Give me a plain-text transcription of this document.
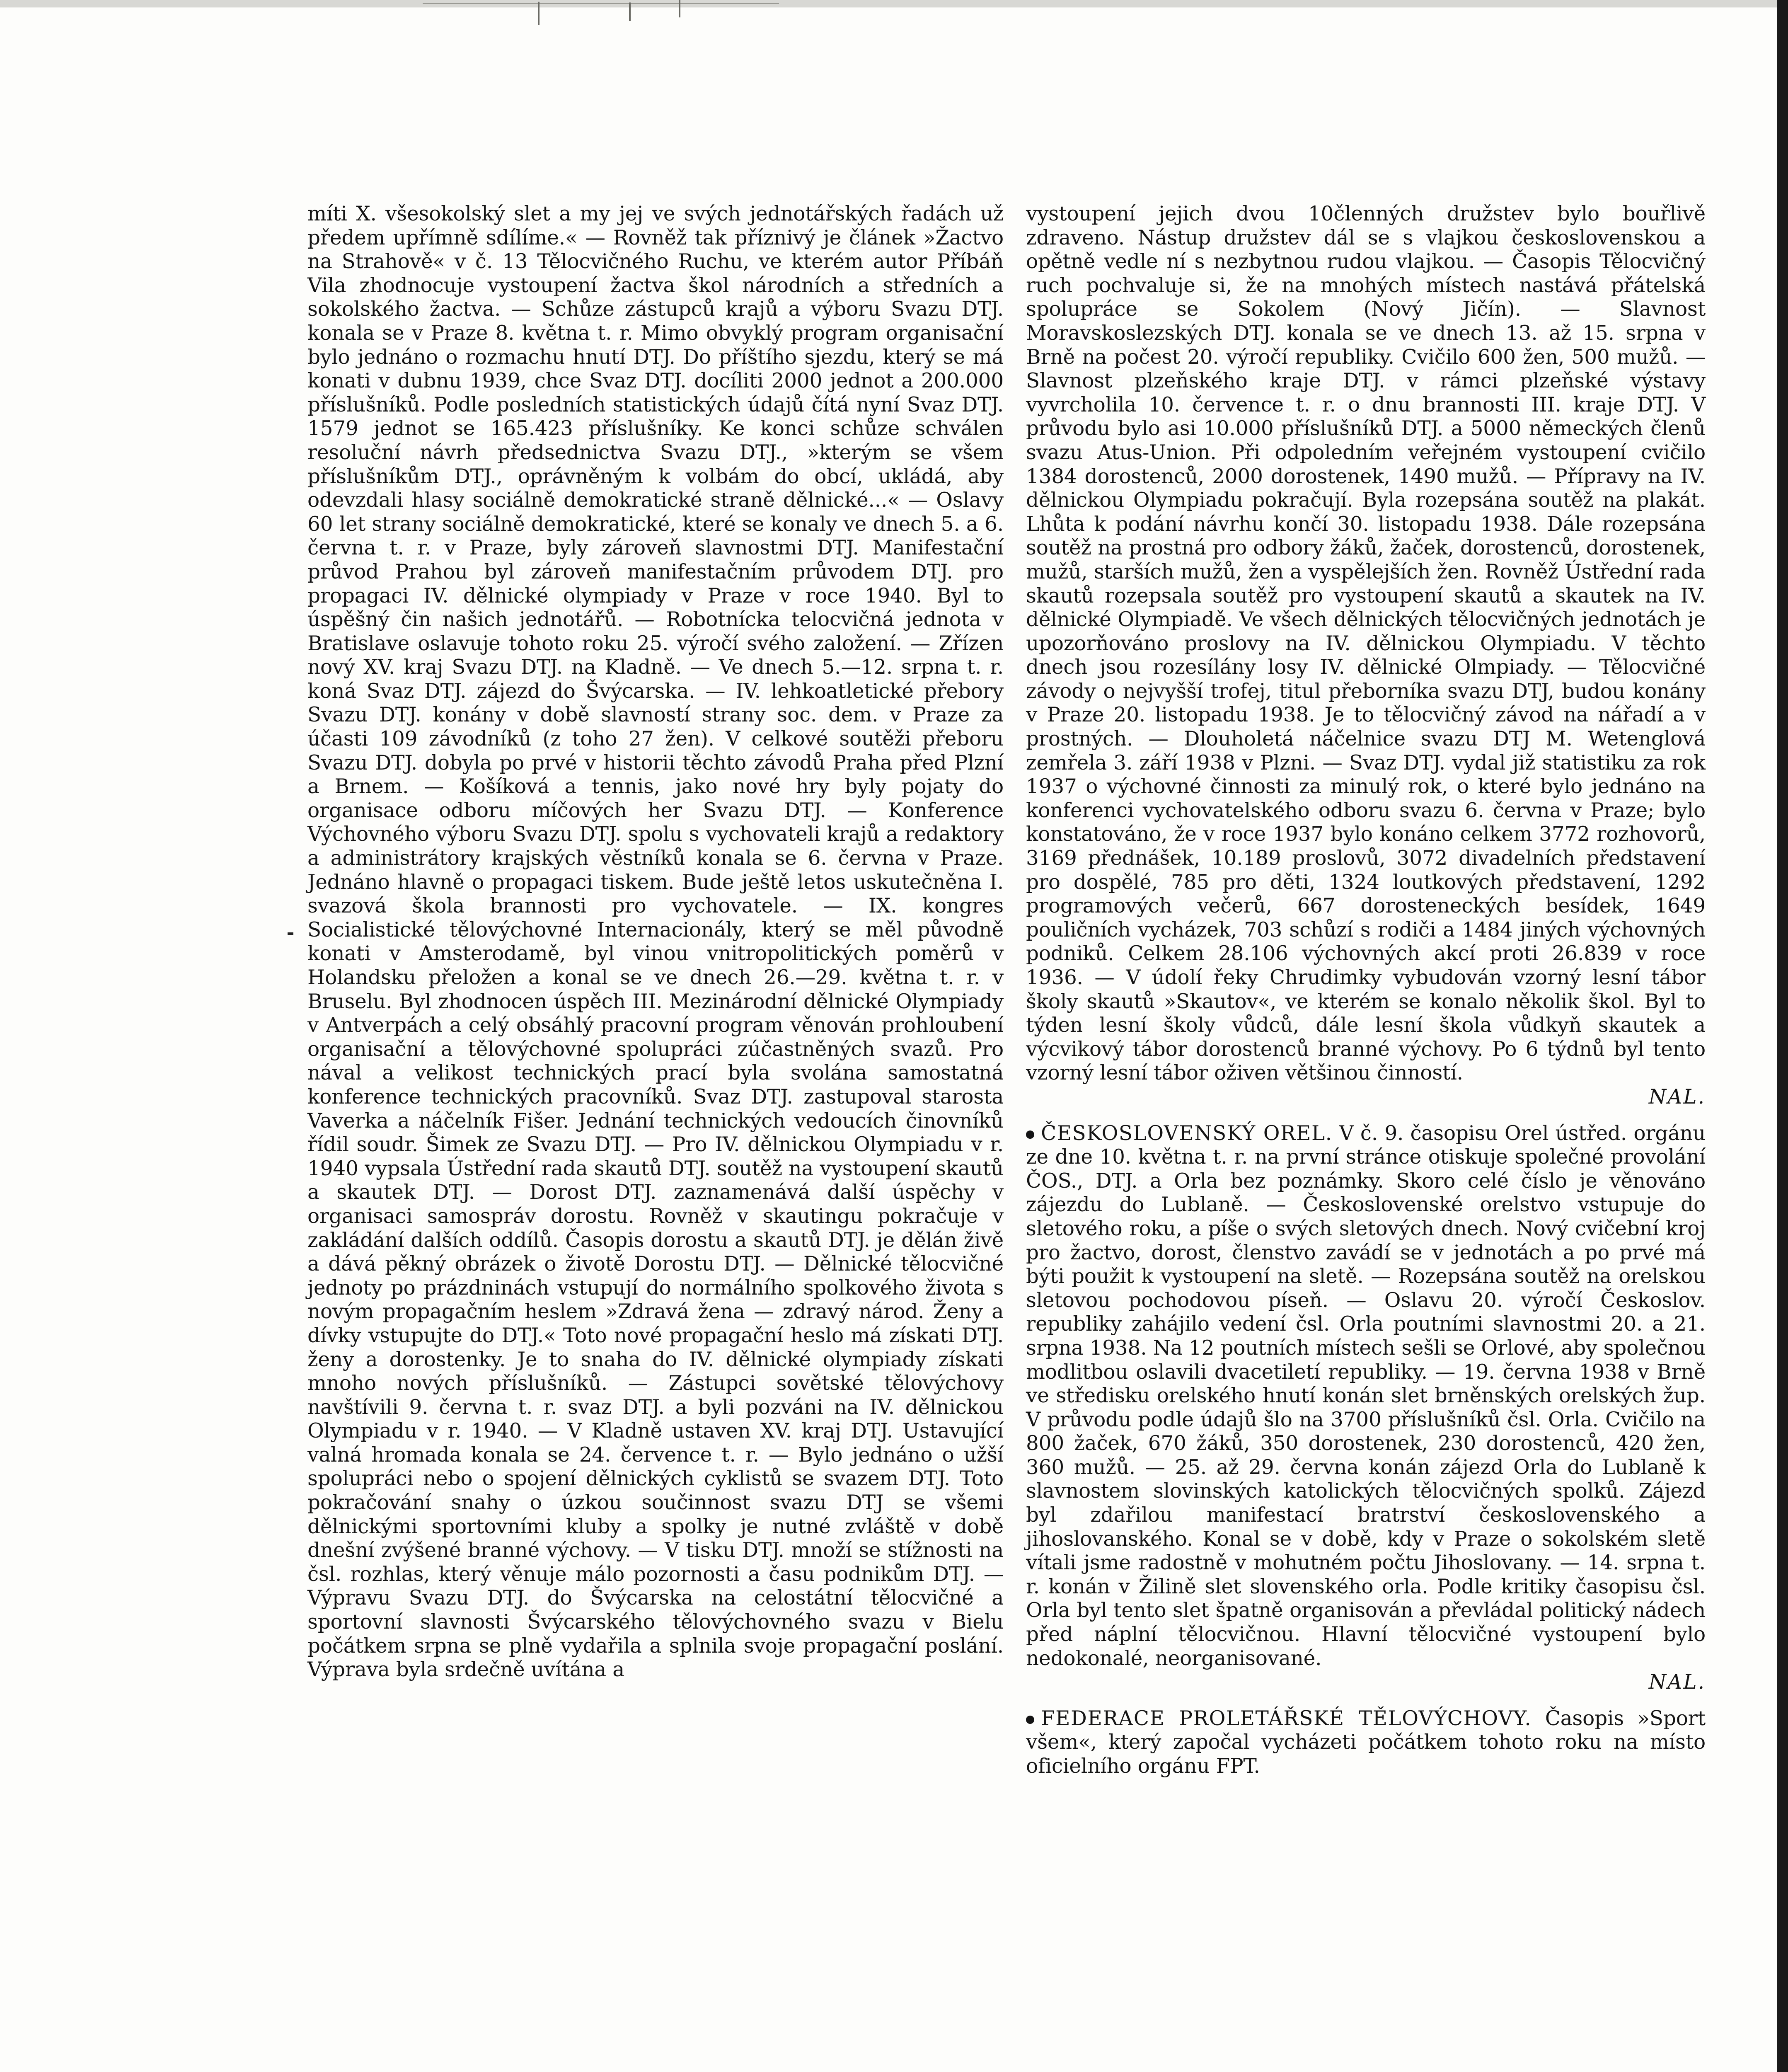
míti X. všesokolský slet a my jej ve svých jednotářských řadách už předem upřímně sdílíme.« — Rovněž tak příznivý je článek »Žactvo na Strahově« v č. 13 Tělocvičného Ruchu, ve kterém autor Příbáň Vila zhodnocuje vystoupení žactva škol národních a středních a sokolského žactva. — Schůze zástupců krajů a výboru Svazu DTJ. konala se v Praze 8. května t. r. Mimo obvyklý program organisační bylo jednáno o rozmachu hnutí DTJ. Do příštího sjezdu, který se má konati v dubnu 1939, chce Svaz DTJ. docíliti 2000 jednot a 200.000 příslušníků. Podle posledních statistických údajů čítá nyní Svaz DTJ. 1579 jednot se 165.423 příslušníky. Ke konci schůze schválen resoluční návrh předsednictva Svazu DTJ., »kterým se všem příslušníkům DTJ., oprávněným k volbám do obcí, ukládá, aby odevzdali hlasy sociálně demokratické straně dělnické...« — Oslavy 60 let strany sociálně demokratické, které se konaly ve dnech 5. a 6. června t. r. v Praze, byly zároveň slavnostmi DTJ. Manifestační průvod Prahou byl zároveň manifestačním průvodem DTJ. pro propagaci IV. dělnické olympiady v Praze v roce 1940. Byl to úspěšný čin našich jednotářů. — Robotnícka telocvičná jednota v Bratislave oslavuje tohoto roku 25. výročí svého založení. — Zřízen nový XV. kraj Svazu DTJ. na Kladně. — Ve dnech 5.—12. srpna t. r. koná Svaz DTJ. zájezd do Švýcarska. — IV. lehkoatletické přebory Svazu DTJ. konány v době slavností strany soc. dem. v Praze za účasti 109 závodníků (z toho 27 žen). V celkové soutěži přeboru Svazu DTJ. dobyla po prvé v historii těchto závodů Praha před Plzní a Brnem. — Košíková a tennis, jako nové hry byly pojaty do organisace odboru míčových her Svazu DTJ. — Konference Výchovného výboru Svazu DTJ. spolu s vychovateli krajů a redaktory a administrátory krajských věstníků konala se 6. června v Praze. Jednáno hlavně o propagaci tiskem. Bude ještě letos uskutečněna I. svazová škola brannosti pro vychovatele. — IX. kongres Socialistické tělovýchovné Internacionály, který se měl původně konati v Amsterodamě, byl vinou vnitropolitických poměrů v Holandsku přeložen a konal se ve dnech 26.—29. května t. r. v Bruselu. Byl zhodnocen úspěch III. Mezinárodní dělnické Olympiady v Antverpách a celý obsáhlý pracovní program věnován prohloubení organisační a tělovýchovné spolupráci zúčastněných svazů. Pro nával a velikost technických prací byla svolána samostatná konference technických pracovníků. Svaz DTJ. zastupoval starosta Vaverka a náčelník Fišer. Jednání technických vedoucích činovníků řídil soudr. Šimek ze Svazu DTJ. — Pro IV. dělnickou Olympiadu v r. 1940 vypsala Ústřední rada skautů DTJ. soutěž na vystoupení skautů a skautek DTJ. — Dorost DTJ. zaznamenává další úspěchy v organisaci samospráv dorostu. Rovněž v skautingu pokračuje v zakládání dalších oddílů. Časopis dorostu a skautů DTJ. je dělán živě a dává pěkný obrázek o životě Dorostu DTJ. — Dělnické tělocvičné jednoty po prázdninách vstupují do normálního spolkového života s novým propagačním heslem »Zdravá žena — zdravý národ. Ženy a dívky vstupujte do DTJ.« Toto nové propagační heslo má získati DTJ. ženy a dorostenky. Je to snaha do IV. dělnické olympiady získati mnoho nových příslušníků. — Zástupci sovětské tělovýchovy navštívili 9. června t. r. svaz DTJ. a byli pozváni na IV. dělnickou Olympiadu v r. 1940. — V Kladně ustaven XV. kraj DTJ. Ustavující valná hromada konala se 24. července t. r. — Bylo jednáno o užší spolupráci nebo o spojení dělnických cyklistů se svazem DTJ. Toto pokračování snahy o úzkou součinnost svazu DTJ se všemi dělnickými sportovními kluby a spolky je nutné zvláště v době dnešní zvýšené branné výchovy. — V tisku DTJ. množí se stížnosti na čsl. rozhlas, který věnuje málo pozornosti a času podnikům DTJ. — Výpravu Svazu DTJ. do Švýcarska na celostátní tělocvičné a sportovní slavnosti Švýcarského tělovýchovného svazu v Bielu počátkem srpna se plně vydařila a splnila svoje propagační poslání. Výprava byla srdečně uvítána a

vystoupení jejich dvou 10členných družstev bylo bouřlivě zdraveno. Nástup družstev dál se s vlajkou československou a opětně vedle ní s nezbytnou rudou vlajkou. — Časopis Tělocvičný ruch pochvaluje si, že na mnohých místech nastává přátelská spolupráce se Sokolem (Nový Jičín). — Slavnost Moravskoslezských DTJ. konala se ve dnech 13. až 15. srpna v Brně na počest 20. výročí republiky. Cvičilo 600 žen, 500 mužů. — Slavnost plzeňského kraje DTJ. v rámci plzeňské výstavy vyvrcholila 10. července t. r. o dnu brannosti III. kraje DTJ. V průvodu bylo asi 10.000 příslušníků DTJ. a 5000 německých členů svazu Atus-Union. Při odpoledním veřejném vystoupení cvičilo 1384 dorostenců, 2000 dorostenek, 1490 mužů. — Přípravy na IV. dělnickou Olympiadu pokračují. Byla rozepsána soutěž na plakát. Lhůta k podání návrhu končí 30. listopadu 1938. Dále rozepsána soutěž na prostná pro odbory žáků, žaček, dorostenců, dorostenek, mužů, starších mužů, žen a vyspělejších žen. Rovněž Ústřední rada skautů rozepsala soutěž pro vystoupení skautů a skautek na IV. dělnické Olympiadě. Ve všech dělnických tělocvičných jednotách je upozorňováno proslovy na IV. dělnickou Olympiadu. V těchto dnech jsou rozesílány losy IV. dělnické Olmpiady. — Tělocvičné závody o nejvyšší trofej, titul přeborníka svazu DTJ, budou konány v Praze 20. listopadu 1938. Je to tělocvičný závod na nářadí a v prostných. — Dlouholetá náčelnice svazu DTJ M. Wetenglová zemřela 3. září 1938 v Plzni. — Svaz DTJ. vydal již statistiku za rok 1937 o výchovné činnosti za minulý rok, o které bylo jednáno na konferenci vychovatelského odboru svazu 6. června v Praze; bylo konstatováno, že v roce 1937 bylo konáno celkem 3772 rozhovorů, 3169 přednášek, 10.189 proslovů, 3072 divadelních představení pro dospělé, 785 pro děti, 1324 loutkových představení, 1292 programových večerů, 667 dorosteneckých besídek, 1649 pouličních vycházek, 703 schůzí s rodiči a 1484 jiných výchovných podniků. Celkem 28.106 výchovných akcí proti 26.839 v roce 1936. — V údolí řeky Chrudimky vybudován vzorný lesní tábor školy skautů »Skautov«, ve kterém se konalo několik škol. Byl to týden lesní školy vůdců, dále lesní škola vůdkyň skautek a výcvikový tábor dorostenců branné výchovy. Po 6 týdnů byl tento vzorný lesní tábor oživen většinou činností.
NAL.

ČESKOSLOVENSKÝ OREL. V č. 9. časopisu Orel ústřed. orgánu ze dne 10. května t. r. na první stránce otiskuje společné provolání ČOS., DTJ. a Orla bez poznámky. Skoro celé číslo je věnováno zájezdu do Lublaně. — Československé orelstvo vstupuje do sletového roku, a píše o svých sletových dnech. Nový cvičební kroj pro žactvo, dorost, členstvo zavádí se v jednotách a po prvé má býti použit k vystoupení na sletě. — Rozepsána soutěž na orelskou sletovou pochodovou píseň. — Oslavu 20. výročí Českoslov. republiky zahájilo vedení čsl. Orla poutními slavnostmi 20. a 21. srpna 1938. Na 12 poutních místech sešli se Orlové, aby společnou modlitbou oslavili dvacetiletí republiky. — 19. června 1938 v Brně ve středisku orelského hnutí konán slet brněnských orelských žup. V průvodu podle údajů šlo na 3700 příslušníků čsl. Orla. Cvičilo na 800 žaček, 670 žáků, 350 dorostenek, 230 dorostenců, 420 žen, 360 mužů. — 25. až 29. června konán zájezd Orla do Lublaně k slavnostem slovinských katolických tělocvičných spolků. Zájezd byl zdařilou manifestací bratrství československého a jihoslovanského. Konal se v době, kdy v Praze o sokolském sletě vítali jsme radostně v mohutném počtu Jihoslovany. — 14. srpna t. r. konán v Žilině slet slovenského orla. Podle kritiky časopisu čsl. Orla byl tento slet špatně organisován a převládal politický nádech před náplní tělocvičnou. Hlavní tělocvičné vystoupení bylo nedokonalé, neorganisované.
NAL.

FEDERACE PROLETÁŘSKÉ TĚLOVÝCHOVY. Časopis »Sport všem«, který započal vycházeti počátkem tohoto roku na místo oficielního orgánu FPT.
